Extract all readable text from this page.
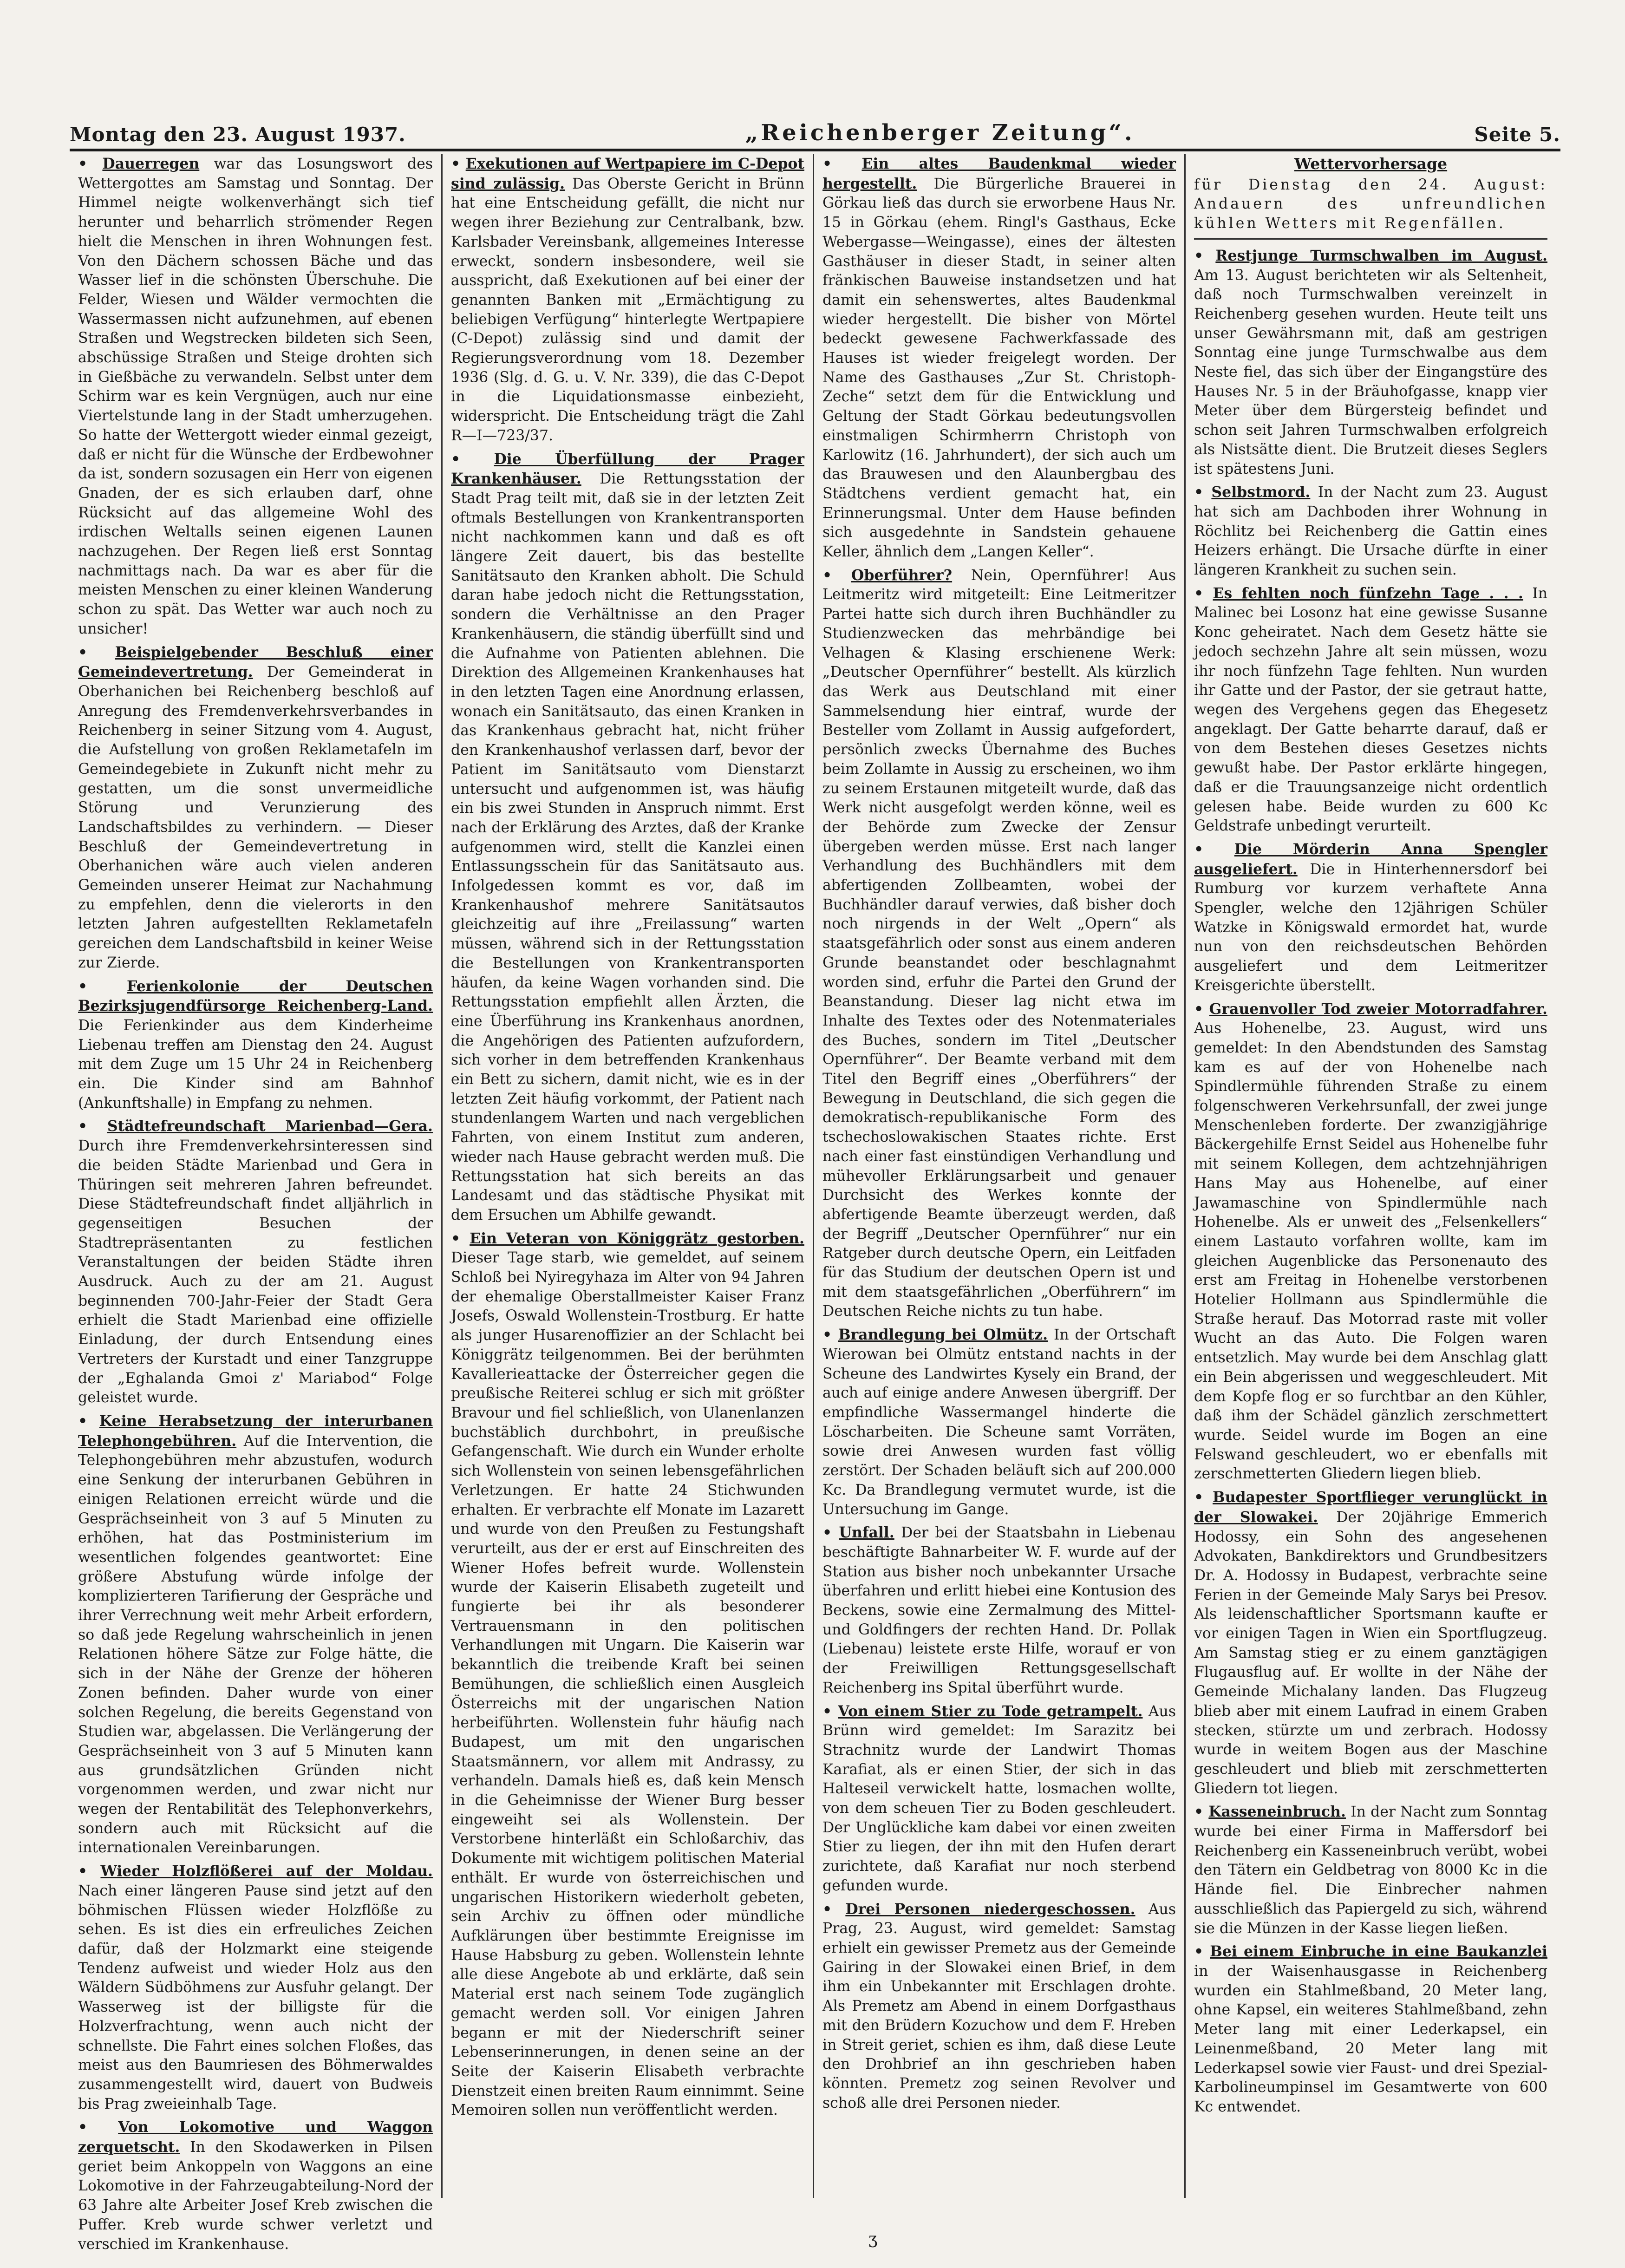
Montag den 23. August 1937.	„Reichenberger Zeitung“.	Seite 5.

• Dauerregen war das Losungswort des Wettergottes am Samstag und Sonntag. Der Himmel neigte wolkenverhängt sich tief herunter und beharrlich strömender Regen hielt die Menschen in ihren Wohnungen fest. Von den Dächern schossen Bäche und das Wasser lief in die schönsten Überschuhe. Die Felder, Wiesen und Wälder vermochten die Wassermassen nicht aufzunehmen, auf ebenen Straßen und Wegstrecken bildeten sich Seen, abschüssige Straßen und Steige drohten sich in Gießbäche zu verwandeln. Selbst unter dem Schirm war es kein Vergnügen, auch nur eine Viertelstunde lang in der Stadt umherzugehen. So hatte der Wettergott wieder einmal gezeigt, daß er nicht für die Wünsche der Erdbewohner da ist, sondern sozusagen ein Herr von eigenen Gnaden, der es sich erlauben darf, ohne Rücksicht auf das allgemeine Wohl des irdischen Weltalls seinen eigenen Launen nachzugehen. Der Regen ließ erst Sonntag nachmittags nach. Da war es aber für die meisten Menschen zu einer kleinen Wanderung schon zu spät. Das Wetter war auch noch zu unsicher!

• Beispielgebender Beschluß einer Gemeindevertretung. Der Gemeinderat in Oberhanichen bei Reichenberg beschloß auf Anregung des Fremdenverkehrsverbandes in Reichenberg in seiner Sitzung vom 4. August, die Aufstellung von großen Reklametafeln im Gemeindegebiete in Zukunft nicht mehr zu gestatten, um die sonst unvermeidliche Störung und Verunzierung des Landschaftsbildes zu verhindern. — Dieser Beschluß der Gemeindevertretung in Oberhanichen wäre auch vielen anderen Gemeinden unserer Heimat zur Nachahmung zu empfehlen, denn die vielerorts in den letzten Jahren aufgestellten Reklametafeln gereichen dem Landschaftsbild in keiner Weise zur Zierde.

• Ferienkolonie der Deutschen Bezirksjugendfürsorge Reichenberg-Land. Die Ferienkinder aus dem Kinderheime Liebenau treffen am Dienstag den 24. August mit dem Zuge um 15 Uhr 24 in Reichenberg ein. Die Kinder sind am Bahnhof (Ankunftshalle) in Empfang zu nehmen.

• Städtefreundschaft Marienbad—Gera. Durch ihre Fremdenverkehrsinteressen sind die beiden Städte Marienbad und Gera in Thüringen seit mehreren Jahren befreundet. Diese Städtefreundschaft findet alljährlich in gegenseitigen Besuchen der Stadtrepräsentanten zu festlichen Veranstaltungen der beiden Städte ihren Ausdruck. Auch zu der am 21. August beginnenden 700-Jahr-Feier der Stadt Gera erhielt die Stadt Marienbad eine offizielle Einladung, der durch Entsendung eines Vertreters der Kurstadt und einer Tanzgruppe der „Eghalanda Gmoi z' Mariabod“ Folge geleistet wurde.

• Keine Herabsetzung der interurbanen Telephongebühren. Auf die Intervention, die Telephongebühren mehr abzustufen, wodurch eine Senkung der interurbanen Gebühren in einigen Relationen erreicht würde und die Gesprächseinheit von 3 auf 5 Minuten zu erhöhen, hat das Postministerium im wesentlichen folgendes geantwortet: Eine größere Abstufung würde infolge der komplizierteren Tarifierung der Gespräche und ihrer Verrechnung weit mehr Arbeit erfordern, so daß jede Regelung wahrscheinlich in jenen Relationen höhere Sätze zur Folge hätte, die sich in der Nähe der Grenze der höheren Zonen befinden. Daher wurde von einer solchen Regelung, die bereits Gegenstand von Studien war, abgelassen. Die Verlängerung der Gesprächseinheit von 3 auf 5 Minuten kann aus grundsätzlichen Gründen nicht vorgenommen werden, und zwar nicht nur wegen der Rentabilität des Telephonverkehrs, sondern auch mit Rücksicht auf die internationalen Vereinbarungen.

• Wieder Holzflößerei auf der Moldau. Nach einer längeren Pause sind jetzt auf den böhmischen Flüssen wieder Holzflöße zu sehen. Es ist dies ein erfreuliches Zeichen dafür, daß der Holzmarkt eine steigende Tendenz aufweist und wieder Holz aus den Wäldern Südböhmens zur Ausfuhr gelangt. Der Wasserweg ist der billigste für die Holzverfrachtung, wenn auch nicht der schnellste. Die Fahrt eines solchen Floßes, das meist aus den Baumriesen des Böhmerwaldes zusammengestellt wird, dauert von Budweis bis Prag zweieinhalb Tage.

• Von Lokomotive und Waggon zerquetscht. In den Skodawerken in Pilsen geriet beim Ankoppeln von Waggons an eine Lokomotive in der Fahrzeugabteilung-Nord der 63 Jahre alte Arbeiter Josef Kreb zwischen die Puffer. Kreb wurde schwer verletzt und verschied im Krankenhause.

• Exekutionen auf Wertpapiere im C-Depot sind zulässig. Das Oberste Gericht in Brünn hat eine Entscheidung gefällt, die nicht nur wegen ihrer Beziehung zur Centralbank, bzw. Karlsbader Vereinsbank, allgemeines Interesse erweckt, sondern insbesondere, weil sie ausspricht, daß Exekutionen auf bei einer der genannten Banken mit „Ermächtigung zu beliebigen Verfügung“ hinterlegte Wertpapiere (C-Depot) zulässig sind und damit der Regierungsverordnung vom 18. Dezember 1936 (Slg. d. G. u. V. Nr. 339), die das C-Depot in die Liquidationsmasse einbezieht, widerspricht. Die Entscheidung trägt die Zahl R—I—723/37.

• Die Überfüllung der Prager Krankenhäuser. Die Rettungsstation der Stadt Prag teilt mit, daß sie in der letzten Zeit oftmals Bestellungen von Krankentransporten nicht nachkommen kann und daß es oft längere Zeit dauert, bis das bestellte Sanitätsauto den Kranken abholt. Die Schuld daran habe jedoch nicht die Rettungsstation, sondern die Verhältnisse an den Prager Krankenhäusern, die ständig überfüllt sind und die Aufnahme von Patienten ablehnen. Die Direktion des Allgemeinen Krankenhauses hat in den letzten Tagen eine Anordnung erlassen, wonach ein Sanitätsauto, das einen Kranken in das Krankenhaus gebracht hat, nicht früher den Krankenhaushof verlassen darf, bevor der Patient im Sanitätsauto vom Dienstarzt untersucht und aufgenommen ist, was häufig ein bis zwei Stunden in Anspruch nimmt. Erst nach der Erklärung des Arztes, daß der Kranke aufgenommen wird, stellt die Kanzlei einen Entlassungsschein für das Sanitätsauto aus. Infolgedessen kommt es vor, daß im Krankenhaushof mehrere Sanitätsautos gleichzeitig auf ihre „Freilassung“ warten müssen, während sich in der Rettungsstation die Bestellungen von Krankentransporten häufen, da keine Wagen vorhanden sind. Die Rettungsstation empfiehlt allen Ärzten, die eine Überführung ins Krankenhaus anordnen, die Angehörigen des Patienten aufzufordern, sich vorher in dem betreffenden Krankenhaus ein Bett zu sichern, damit nicht, wie es in der letzten Zeit häufig vorkommt, der Patient nach stundenlangem Warten und nach vergeblichen Fahrten, von einem Institut zum anderen, wieder nach Hause gebracht werden muß. Die Rettungsstation hat sich bereits an das Landesamt und das städtische Physikat mit dem Ersuchen um Abhilfe gewandt.

• Ein Veteran von Königgrätz gestorben. Dieser Tage starb, wie gemeldet, auf seinem Schloß bei Nyiregyhaza im Alter von 94 Jahren der ehemalige Oberstallmeister Kaiser Franz Josefs, Oswald Wollenstein-Trostburg. Er hatte als junger Husarenoffizier an der Schlacht bei Königgrätz teilgenommen. Bei der berühmten Kavallerieattacke der Österreicher gegen die preußische Reiterei schlug er sich mit größter Bravour und fiel schließlich, von Ulanenlanzen buchstäblich durchbohrt, in preußische Gefangenschaft. Wie durch ein Wunder erholte sich Wollenstein von seinen lebensgefährlichen Verletzungen. Er hatte 24 Stichwunden erhalten. Er verbrachte elf Monate im Lazarett und wurde von den Preußen zu Festungshaft verurteilt, aus der er erst auf Einschreiten des Wiener Hofes befreit wurde. Wollenstein wurde der Kaiserin Elisabeth zugeteilt und fungierte bei ihr als besonderer Vertrauensmann in den politischen Verhandlungen mit Ungarn. Die Kaiserin war bekanntlich die treibende Kraft bei seinen Bemühungen, die schließlich einen Ausgleich Österreichs mit der ungarischen Nation herbeiführten. Wollenstein fuhr häufig nach Budapest, um mit den ungarischen Staatsmännern, vor allem mit Andrassy, zu verhandeln. Damals hieß es, daß kein Mensch in die Geheimnisse der Wiener Burg besser eingeweiht sei als Wollenstein. Der Verstorbene hinterläßt ein Schloßarchiv, das Dokumente mit wichtigem politischen Material enthält. Er wurde von österreichischen und ungarischen Historikern wiederholt gebeten, sein Archiv zu öffnen oder mündliche Aufklärungen über bestimmte Ereignisse im Hause Habsburg zu geben. Wollenstein lehnte alle diese Angebote ab und erklärte, daß sein Material erst nach seinem Tode zugänglich gemacht werden soll. Vor einigen Jahren begann er mit der Niederschrift seiner Lebenserinnerungen, in denen seine an der Seite der Kaiserin Elisabeth verbrachte Dienstzeit einen breiten Raum einnimmt. Seine Memoiren sollen nun veröffentlicht werden.

• Ein altes Baudenkmal wieder hergestellt. Die Bürgerliche Brauerei in Görkau ließ das durch sie erworbene Haus Nr. 15 in Görkau (ehem. Ringl's Gasthaus, Ecke Webergasse—Weingasse), eines der ältesten Gasthäuser in dieser Stadt, in seiner alten fränkischen Bauweise instandsetzen und hat damit ein sehenswertes, altes Baudenkmal wieder hergestellt. Die bisher von Mörtel bedeckt gewesene Fachwerkfassade des Hauses ist wieder freigelegt worden. Der Name des Gasthauses „Zur St. Christoph-Zeche“ setzt dem für die Entwicklung und Geltung der Stadt Görkau bedeutungsvollen einstmaligen Schirmherrn Christoph von Karlowitz (16. Jahrhundert), der sich auch um das Brauwesen und den Alaunbergbau des Städtchens verdient gemacht hat, ein Erinnerungsmal. Unter dem Hause befinden sich ausgedehnte in Sandstein gehauene Keller, ähnlich dem „Langen Keller“.

• Oberführer? Nein, Opernführer! Aus Leitmeritz wird mitgeteilt: Eine Leitmeritzer Partei hatte sich durch ihren Buchhändler zu Studienzwecken das mehrbändige bei Velhagen & Klasing erschienene Werk: „Deutscher Opernführer“ bestellt. Als kürzlich das Werk aus Deutschland mit einer Sammelsendung hier eintraf, wurde der Besteller vom Zollamt in Aussig aufgefordert, persönlich zwecks Übernahme des Buches beim Zollamte in Aussig zu erscheinen, wo ihm zu seinem Erstaunen mitgeteilt wurde, daß das Werk nicht ausgefolgt werden könne, weil es der Behörde zum Zwecke der Zensur übergeben werden müsse. Erst nach langer Verhandlung des Buchhändlers mit dem abfertigenden Zollbeamten, wobei der Buchhändler darauf verwies, daß bisher doch noch nirgends in der Welt „Opern“ als staatsgefährlich oder sonst aus einem anderen Grunde beanstandet oder beschlagnahmt worden sind, erfuhr die Partei den Grund der Beanstandung. Dieser lag nicht etwa im Inhalte des Textes oder des Notenmateriales des Buches, sondern im Titel „Deutscher Opernführer“. Der Beamte verband mit dem Titel den Begriff eines „Oberführers“ der Bewegung in Deutschland, die sich gegen die demokratisch-republikanische Form des tschechoslowakischen Staates richte. Erst nach einer fast einstündigen Verhandlung und mühevoller Erklärungsarbeit und genauer Durchsicht des Werkes konnte der abfertigende Beamte überzeugt werden, daß der Begriff „Deutscher Opernführer“ nur ein Ratgeber durch deutsche Opern, ein Leitfaden für das Studium der deutschen Opern ist und mit dem staatsgefährlichen „Oberführern“ im Deutschen Reiche nichts zu tun habe.

• Brandlegung bei Olmütz. In der Ortschaft Wierowan bei Olmütz entstand nachts in der Scheune des Landwirtes Kysely ein Brand, der auch auf einige andere Anwesen übergriff. Der empfindliche Wassermangel hinderte die Löscharbeiten. Die Scheune samt Vorräten, sowie drei Anwesen wurden fast völlig zerstört. Der Schaden beläuft sich auf 200.000 Kc. Da Brandlegung vermutet wurde, ist die Untersuchung im Gange.

• Unfall. Der bei der Staatsbahn in Liebenau beschäftigte Bahnarbeiter W. F. wurde auf der Station aus bisher noch unbekannter Ursache überfahren und erlitt hiebei eine Kontusion des Beckens, sowie eine Zermalmung des Mittel- und Goldfingers der rechten Hand. Dr. Pollak (Liebenau) leistete erste Hilfe, worauf er von der Freiwilligen Rettungsgesellschaft Reichenberg ins Spital überführt wurde.

• Von einem Stier zu Tode getrampelt. Aus Brünn wird gemeldet: Im Sarazitz bei Strachnitz wurde der Landwirt Thomas Karafiat, als er einen Stier, der sich in das Halteseil verwickelt hatte, losmachen wollte, von dem scheuen Tier zu Boden geschleudert. Der Unglückliche kam dabei vor einen zweiten Stier zu liegen, der ihn mit den Hufen derart zurichtete, daß Karafiat nur noch sterbend gefunden wurde.

• Drei Personen niedergeschossen. Aus Prag, 23. August, wird gemeldet: Samstag erhielt ein gewisser Premetz aus der Gemeinde Gairing in der Slowakei einen Brief, in dem ihm ein Unbekannter mit Erschlagen drohte. Als Premetz am Abend in einem Dorfgasthaus mit den Brüdern Kozuchow und dem F. Hreben in Streit geriet, schien es ihm, daß diese Leute den Drohbrief an ihn geschrieben haben könnten. Premetz zog seinen Revolver und schoß alle drei Personen nieder.

Wettervorhersage

für Dienstag den 24. August: Andauern des unfreundlichen kühlen Wetters mit Regenfällen.

• Restjunge Turmschwalben im August. Am 13. August berichteten wir als Seltenheit, daß noch Turmschwalben vereinzelt in Reichenberg gesehen wurden. Heute teilt uns unser Gewährsmann mit, daß am gestrigen Sonntag eine junge Turmschwalbe aus dem Neste fiel, das sich über der Eingangstüre des Hauses Nr. 5 in der Bräuhofgasse, knapp vier Meter über dem Bürgersteig befindet und schon seit Jahren Turmschwalben erfolgreich als Nistsätte dient. Die Brutzeit dieses Seglers ist spätestens Juni.

• Selbstmord. In der Nacht zum 23. August hat sich am Dachboden ihrer Wohnung in Röchlitz bei Reichenberg die Gattin eines Heizers erhängt. Die Ursache dürfte in einer längeren Krankheit zu suchen sein.

• Es fehlten noch fünfzehn Tage . . . In Malinec bei Losonz hat eine gewisse Susanne Konc geheiratet. Nach dem Gesetz hätte sie jedoch sechzehn Jahre alt sein müssen, wozu ihr noch fünfzehn Tage fehlten. Nun wurden ihr Gatte und der Pastor, der sie getraut hatte, wegen des Vergehens gegen das Ehegesetz angeklagt. Der Gatte beharrte darauf, daß er von dem Bestehen dieses Gesetzes nichts gewußt habe. Der Pastor erklärte hingegen, daß er die Trauungsanzeige nicht ordentlich gelesen habe. Beide wurden zu 600 Kc Geldstrafe unbedingt verurteilt.

• Die Mörderin Anna Spengler ausgeliefert. Die in Hinterhennersdorf bei Rumburg vor kurzem verhaftete Anna Spengler, welche den 12jährigen Schüler Watzke in Königswald ermordet hat, wurde nun von den reichsdeutschen Behörden ausgeliefert und dem Leitmeritzer Kreisgerichte überstellt.

• Grauenvoller Tod zweier Motorradfahrer. Aus Hohenelbe, 23. August, wird uns gemeldet: In den Abendstunden des Samstag kam es auf der von Hohenelbe nach Spindlermühle führenden Straße zu einem folgenschweren Verkehrsunfall, der zwei junge Menschenleben forderte. Der zwanzigjährige Bäckergehilfe Ernst Seidel aus Hohenelbe fuhr mit seinem Kollegen, dem achtzehnjährigen Hans May aus Hohenelbe, auf einer Jawamaschine von Spindlermühle nach Hohenelbe. Als er unweit des „Felsenkellers“ einem Lastauto vorfahren wollte, kam im gleichen Augenblicke das Personenauto des erst am Freitag in Hohenelbe verstorbenen Hotelier Hollmann aus Spindlermühle die Straße herauf. Das Motorrad raste mit voller Wucht an das Auto. Die Folgen waren entsetzlich. May wurde bei dem Anschlag glatt ein Bein abgerissen und weggeschleudert. Mit dem Kopfe flog er so furchtbar an den Kühler, daß ihm der Schädel gänzlich zerschmettert wurde. Seidel wurde im Bogen an eine Felswand geschleudert, wo er ebenfalls mit zerschmetterten Gliedern liegen blieb.

• Budapester Sportflieger verunglückt in der Slowakei. Der 20jährige Emmerich Hodossy, ein Sohn des angesehenen Advokaten, Bankdirektors und Grundbesitzers Dr. A. Hodossy in Budapest, verbrachte seine Ferien in der Gemeinde Maly Sarys bei Presov. Als leidenschaftlicher Sportsmann kaufte er vor einigen Tagen in Wien ein Sportflugzeug. Am Samstag stieg er zu einem ganztägigen Flugausflug auf. Er wollte in der Nähe der Gemeinde Michalany landen. Das Flugzeug blieb aber mit einem Laufrad in einem Graben stecken, stürzte um und zerbrach. Hodossy wurde in weitem Bogen aus der Maschine geschleudert und blieb mit zerschmetterten Gliedern tot liegen.

• Kasseneinbruch. In der Nacht zum Sonntag wurde bei einer Firma in Maffersdorf bei Reichenberg ein Kasseneinbruch verübt, wobei den Tätern ein Geldbetrag von 8000 Kc in die Hände fiel. Die Einbrecher nahmen ausschließlich das Papiergeld zu sich, während sie die Münzen in der Kasse liegen ließen.

• Bei einem Einbruche in eine Baukanzlei in der Waisenhausgasse in Reichenberg wurden ein Stahlmeßband, 20 Meter lang, ohne Kapsel, ein weiteres Stahlmeßband, zehn Meter lang mit einer Lederkapsel, ein Leinenmeßband, 20 Meter lang mit Lederkapsel sowie vier Faust- und drei Spezial-Karbolineumpinsel im Gesamtwerte von 600 Kc entwendet.

ʒ
